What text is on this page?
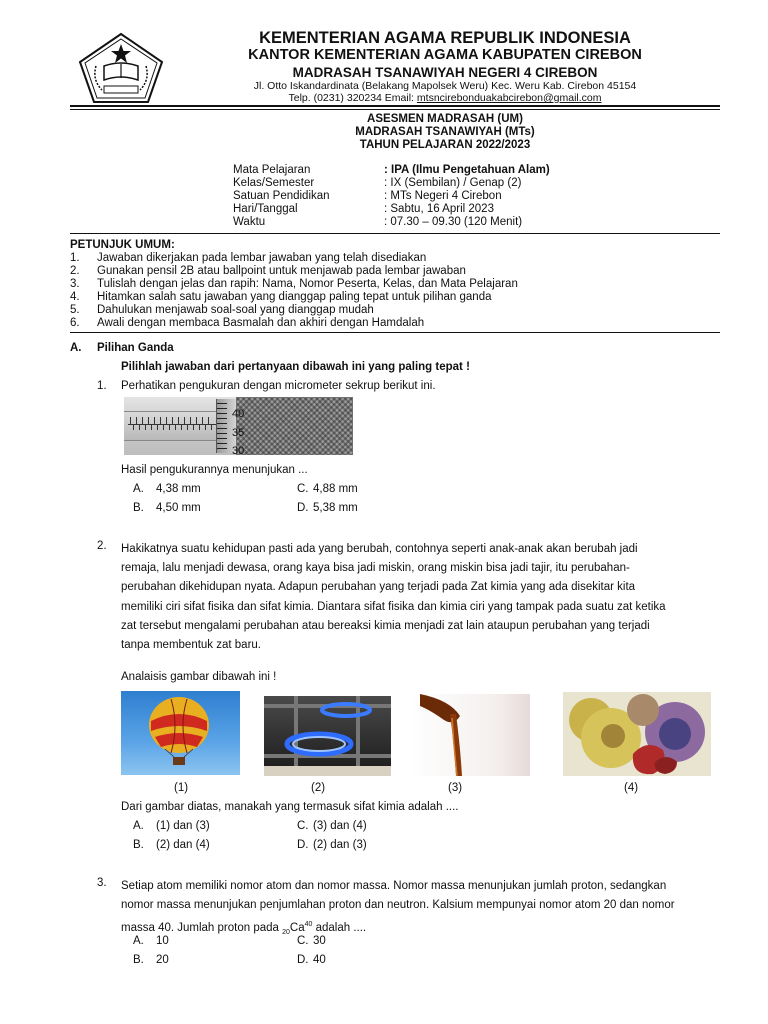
KEMENTERIAN AGAMA REPUBLIK INDONESIA
KANTOR KEMENTERIAN AGAMA KABUPATEN CIREBON
MADRASAH TSANAWIYAH NEGERI 4 CIREBON
Jl. Otto Iskandardinata (Belakang Mapolsek Weru) Kec. Weru Kab. Cirebon 45154
Telp. (0231) 320234 Email: mtsncirebonduakabcirebon@gmail.com
ASESMEN MADRASAH (UM)
MADRASAH TSANAWIYAH (MTs)
TAHUN PELAJARAN 2022/2023
Mata Pelajaran	: IPA (Ilmu Pengetahuan Alam)
Kelas/Semester	: IX (Sembilan) / Genap (2)
Satuan Pendidikan	: MTs Negeri 4 Cirebon
Hari/Tanggal	: Sabtu, 16 April 2023
Waktu	: 07.30 – 09.30 (120 Menit)
PETUNJUK UMUM:
1. Jawaban dikerjakan pada lembar jawaban yang telah disediakan
2. Gunakan pensil 2B atau ballpoint untuk menjawab pada lembar jawaban
3. Tulislah dengan jelas dan rapih: Nama, Nomor Peserta, Kelas, dan Mata Pelajaran
4. Hitamkan salah satu jawaban yang dianggap paling tepat untuk pilihan ganda
5. Dahulukan menjawab soal-soal yang dianggap mudah
6. Awali dengan membaca Basmalah dan akhiri dengan Hamdalah
A. Pilihan Ganda
Pilihlah jawaban dari pertanyaan dibawah ini yang paling tepat !
1. Perhatikan pengukuran dengan micrometer sekrup berikut ini.
40
35
30
Hasil pengukurannya menunjukan ...
A. 4,38 mm	C. 4,88 mm
B. 4,50 mm	D. 5,38 mm
2. Hakikatnya suatu kehidupan pasti ada yang berubah, contohnya seperti anak-anak akan berubah jadi
remaja, lalu menjadi dewasa, orang kaya bisa jadi miskin, orang miskin bisa jadi tajir, itu perubahan-
perubahan dikehidupan nyata. Adapun perubahan yang terjadi pada Zat kimia yang ada disekitar kita
memiliki ciri sifat fisika dan sifat kimia. Diantara sifat fisika dan kimia ciri yang tampak pada suatu zat ketika
zat tersebut mengalami perubahan atau bereaksi kimia menjadi zat lain ataupun perubahan yang terjadi
tanpa membentuk zat baru.
Analaisis gambar dibawah ini !
(1)	(2)	(3)	(4)
Dari gambar diatas, manakah yang termasuk sifat kimia adalah ....
A. (1) dan (3)	C. (3) dan (4)
B. (2) dan (4)	D. (2) dan (3)
3. Setiap atom memiliki nomor atom dan nomor massa. Nomor massa menunjukan jumlah proton, sedangkan
nomor massa menunjukan penjumlahan proton dan neutron. Kalsium mempunyai nomor atom 20 dan nomor
massa 40. Jumlah proton pada $_{20}Ca^{40}$ adalah ....
A. 10	C. 30
B. 20	D. 40
